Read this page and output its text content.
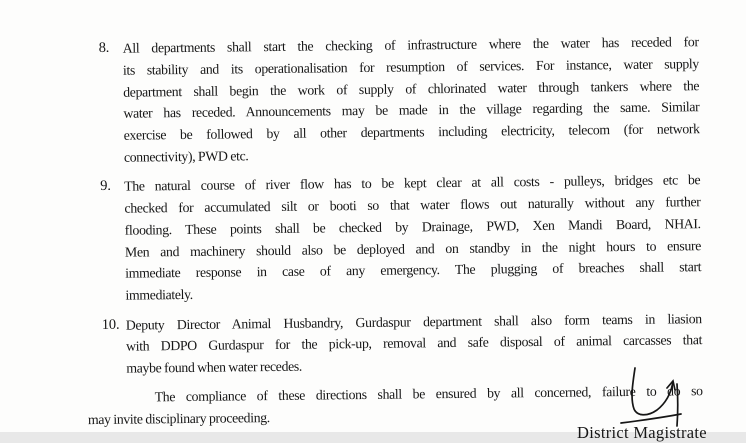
8. All departments shall start the checking of infrastructure where the water has receded for
its stability and its operationalisation for resumption of services. For instance, water supply
department shall begin the work of supply of chlorinated water through tankers where the
water has receded. Announcements may be made in the village regarding the same. Similar
exercise be followed by all other departments including electricity, telecom (for network
connectivity), PWD etc.
9. The natural course of river flow has to be kept clear at all costs - pulleys, bridges etc be
checked for accumulated silt or booti so that water flows out naturally without any further
flooding. These points shall be checked by Drainage, PWD, Xen Mandi Board, NHAI.
Men and machinery should also be deployed and on standby in the night hours to ensure
immediate response in case of any emergency. The plugging of breaches shall start
immediately.
10. Deputy Director Animal Husbandry, Gurdaspur department shall also form teams in liasion
with DDPO Gurdaspur for the pick-up, removal and safe disposal of animal carcasses that
maybe found when water recedes.
The compliance of these directions shall be ensured by all concerned, failure to do so
may invite disciplinary proceeding.
District Magistrate
